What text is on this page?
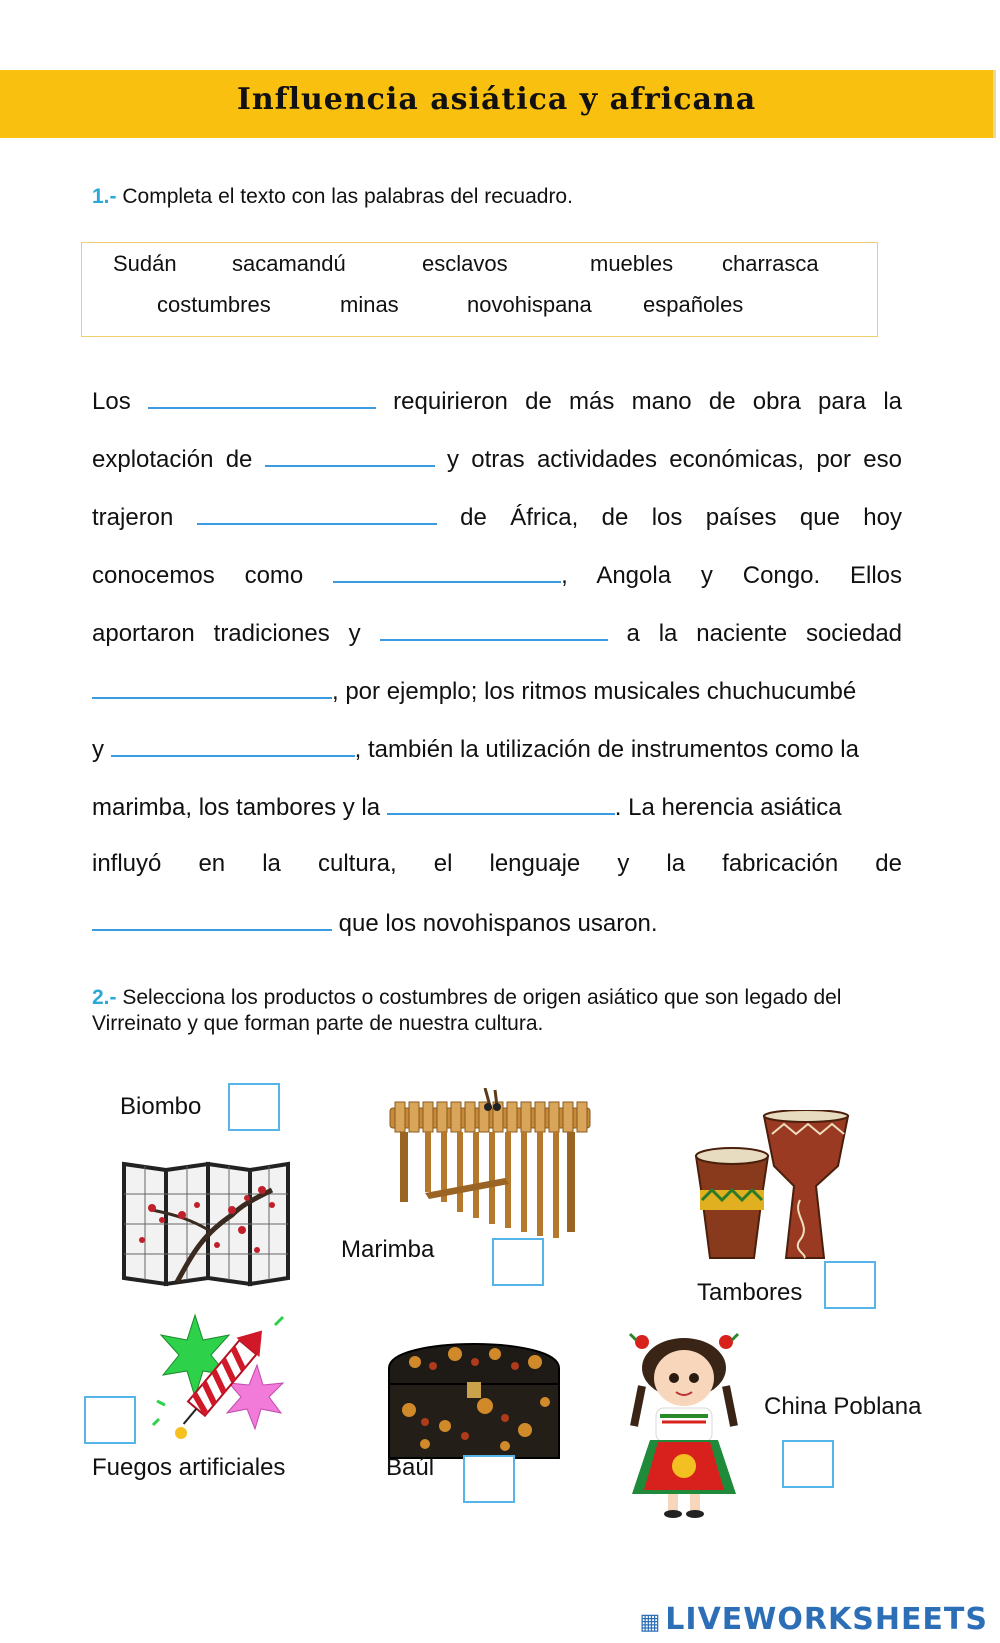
Influencia asiática y africana
1.- Completa el texto con las palabras del recuadro.
Sudán	sacamandú	esclavos	muebles charrasca
costumbres	minas	novohispana españoles
Los	requirieron de más mano de obra para la
explotación de	y otras actividades económicas, por eso
trajeron	de África, de los países que hoy
conocemos como	, Angola y Congo. Ellos
aportaron tradiciones y	a la naciente sociedad
, por ejemplo; los ritmos musicales chuchucumbé
y	, también la utilización de instrumentos como la
marimba, los tambores y la	. La herencia asiática
influyó en la cultura, el lenguaje y la fabricación de
que los novohispanos usaron.
2.- Selecciona los productos o costumbres de origen asiático que son legado del Virreinato y que forman parte de nuestra cultura.
Biombo
Marimba
Tambores
Fuegos artificiales	Baúl
China Poblana
▦ LIVEWORKSHEETS
